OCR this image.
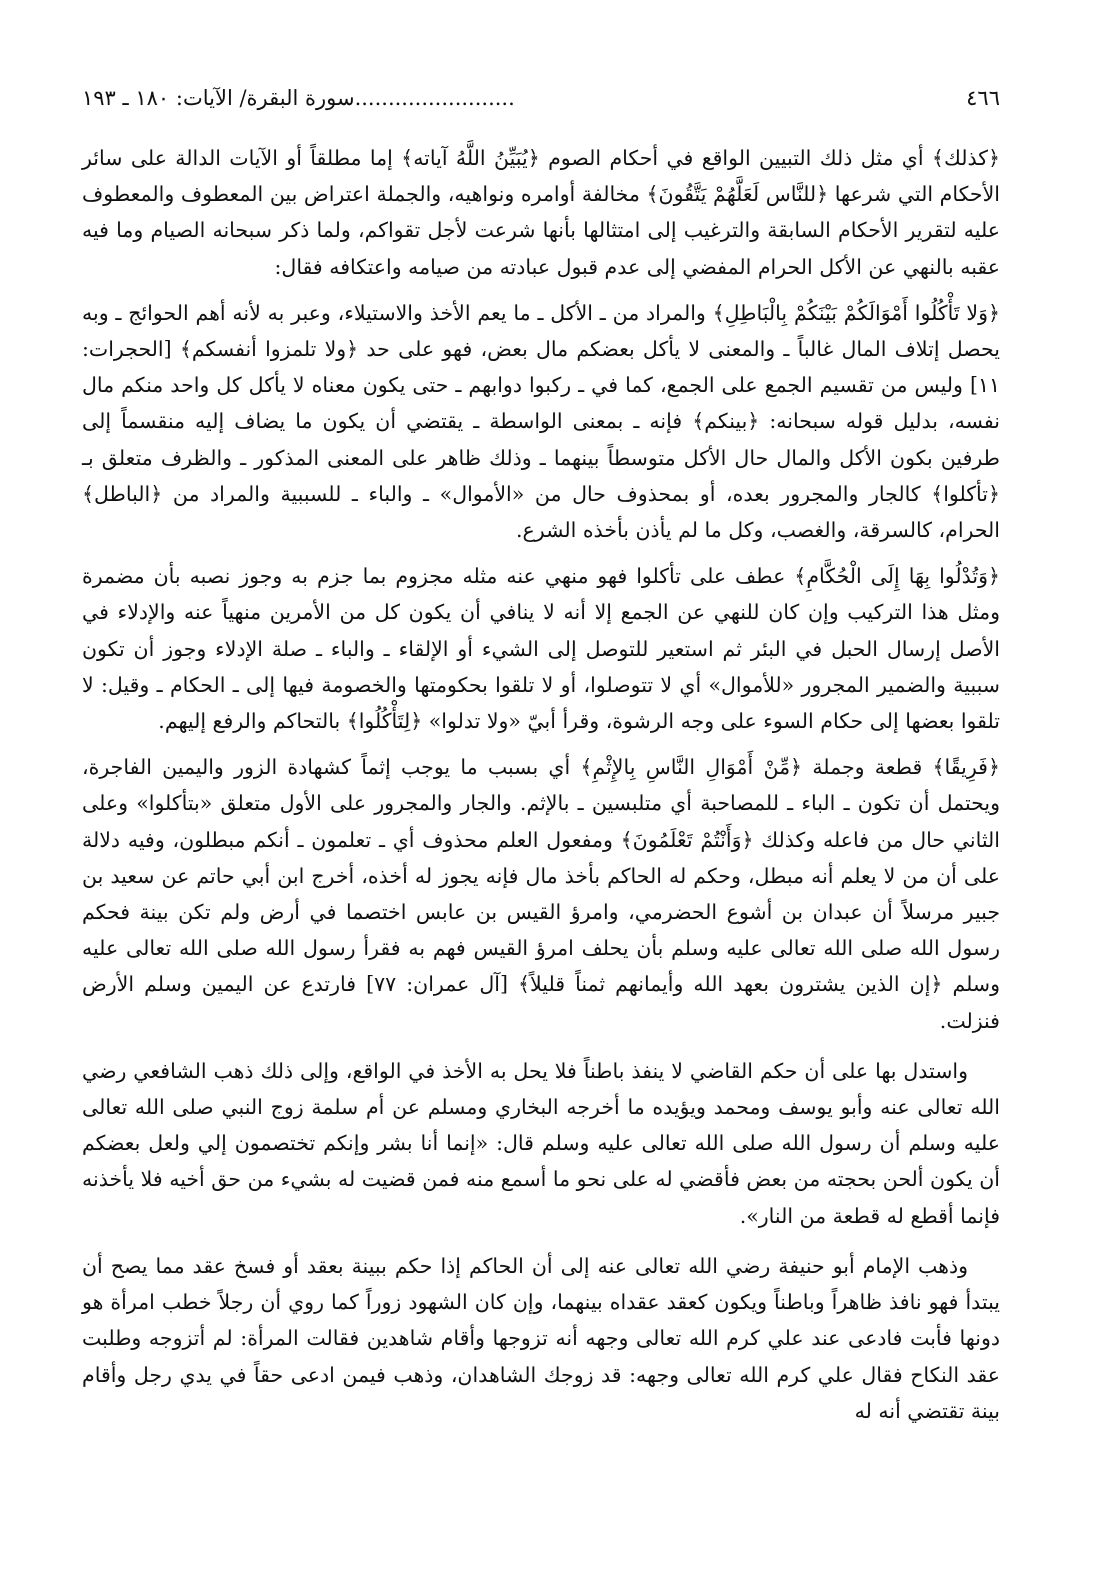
٤٦٦
........................سورة البقرة/ الآيات: ١٨٠ ـ ١٩٣

﴿كذلك﴾ أي مثل ذلك التبيين الواقع في أحكام الصوم ﴿يُبَيِّنُ اللَّهُ آياته﴾ إما مطلقاً أو الآيات الدالة على سائر الأحكام التي شرعها ﴿للنَّاس لَعَلَّهُمْ يَتَّقُونَ﴾ مخالفة أوامره ونواهيه، والجملة اعتراض بين المعطوف والمعطوف عليه لتقرير الأحكام السابقة والترغيب إلى امتثالها بأنها شرعت لأجل تقواكم، ولما ذكر سبحانه الصيام وما فيه عقبه بالنهي عن الأكل الحرام المفضي إلى عدم قبول عبادته من صيامه واعتكافه فقال:

﴿وَلا تَأْكُلُوا أَمْوَالَكُمْ بَيْنَكُمْ بِالْبَاطِلِ﴾ والمراد من ـ الأكل ـ ما يعم الأخذ والاستيلاء، وعبر به لأنه أهم الحوائج ـ وبه يحصل إتلاف المال غالباً ـ والمعنى لا يأكل بعضكم مال بعض، فهو على حد ﴿ولا تلمزوا أنفسكم﴾ [الحجرات: ١١] وليس من تقسيم الجمع على الجمع، كما في ـ ركبوا دوابهم ـ حتى يكون معناه لا يأكل كل واحد منكم مال نفسه، بدليل قوله سبحانه: ﴿بينكم﴾ فإنه ـ بمعنى الواسطة ـ يقتضي أن يكون ما يضاف إليه منقسماً إلى طرفين بكون الأكل والمال حال الأكل متوسطاً بينهما ـ وذلك ظاهر على المعنى المذكور ـ والظرف متعلق بـ ﴿تأكلوا﴾ كالجار والمجرور بعده، أو بمحذوف حال من «الأموال» ـ والباء ـ للسببية والمراد من ﴿الباطل﴾ الحرام، كالسرقة، والغصب، وكل ما لم يأذن بأخذه الشرع.

﴿وَتُدْلُوا بِهَا إِلَى الْحُكَّامِ﴾ عطف على تأكلوا فهو منهي عنه مثله مجزوم بما جزم به وجوز نصبه بأن مضمرة ومثل هذا التركيب وإن كان للنهي عن الجمع إلا أنه لا ينافي أن يكون كل من الأمرين منهياً عنه والإدلاء في الأصل إرسال الحبل في البئر ثم استعير للتوصل إلى الشيء أو الإلقاء ـ والباء ـ صلة الإدلاء وجوز أن تكون سببية والضمير المجرور «للأموال» أي لا تتوصلوا، أو لا تلقوا بحكومتها والخصومة فيها إلى ـ الحكام ـ وقيل: لا تلقوا بعضها إلى حكام السوء على وجه الرشوة، وقرأ أبيّ «ولا تدلوا» ﴿لِتَأْكُلُوا﴾ بالتحاكم والرفع إليهم.

﴿فَرِيقًا﴾ قطعة وجملة ﴿مِّنْ أَمْوَالِ النَّاسِ بِالإِثْمِ﴾ أي بسبب ما يوجب إثماً كشهادة الزور واليمين الفاجرة، ويحتمل أن تكون ـ الباء ـ للمصاحبة أي متلبسين ـ بالإثم. والجار والمجرور على الأول متعلق «بتأكلوا» وعلى الثاني حال من فاعله وكذلك ﴿وَأَنْتُمْ تَعْلَمُونَ﴾ ومفعول العلم محذوف أي ـ تعلمون ـ أنكم مبطلون، وفيه دلالة على أن من لا يعلم أنه مبطل، وحكم له الحاكم بأخذ مال فإنه يجوز له أخذه، أخرج ابن أبي حاتم عن سعيد بن جبير مرسلاً أن عبدان بن أشوع الحضرمي، وامرؤ القيس بن عابس اختصما في أرض ولم تكن بينة فحكم رسول الله صلى الله تعالى عليه وسلم بأن يحلف امرؤ القيس فهم به فقرأ رسول الله صلى الله تعالى عليه وسلم ﴿إن الذين يشترون بعهد الله وأيمانهم ثمناً قليلاً﴾ [آل عمران: ٧٧] فارتدع عن اليمين وسلم الأرض فنزلت.

واستدل بها على أن حكم القاضي لا ينفذ باطناً فلا يحل به الأخذ في الواقع، وإلى ذلك ذهب الشافعي رضي الله تعالى عنه وأبو يوسف ومحمد ويؤيده ما أخرجه البخاري ومسلم عن أم سلمة زوج النبي صلى الله تعالى عليه وسلم أن رسول الله صلى الله تعالى عليه وسلم قال: «إنما أنا بشر وإنكم تختصمون إلي ولعل بعضكم أن يكون ألحن بحجته من بعض فأقضي له على نحو ما أسمع منه فمن قضيت له بشيء من حق أخيه فلا يأخذنه فإنما أقطع له قطعة من النار».

وذهب الإمام أبو حنيفة رضي الله تعالى عنه إلى أن الحاكم إذا حكم ببينة بعقد أو فسخ عقد مما يصح أن يبتدأ فهو نافذ ظاهراً وباطناً ويكون كعقد عقداه بينهما، وإن كان الشهود زوراً كما روي أن رجلاً خطب امرأة هو دونها فأبت فادعى عند علي كرم الله تعالى وجهه أنه تزوجها وأقام شاهدين فقالت المرأة: لم أتزوجه وطلبت عقد النكاح فقال علي كرم الله تعالى وجهه: قد زوجك الشاهدان، وذهب فيمن ادعى حقاً في يدي رجل وأقام بينة تقتضي أنه له
